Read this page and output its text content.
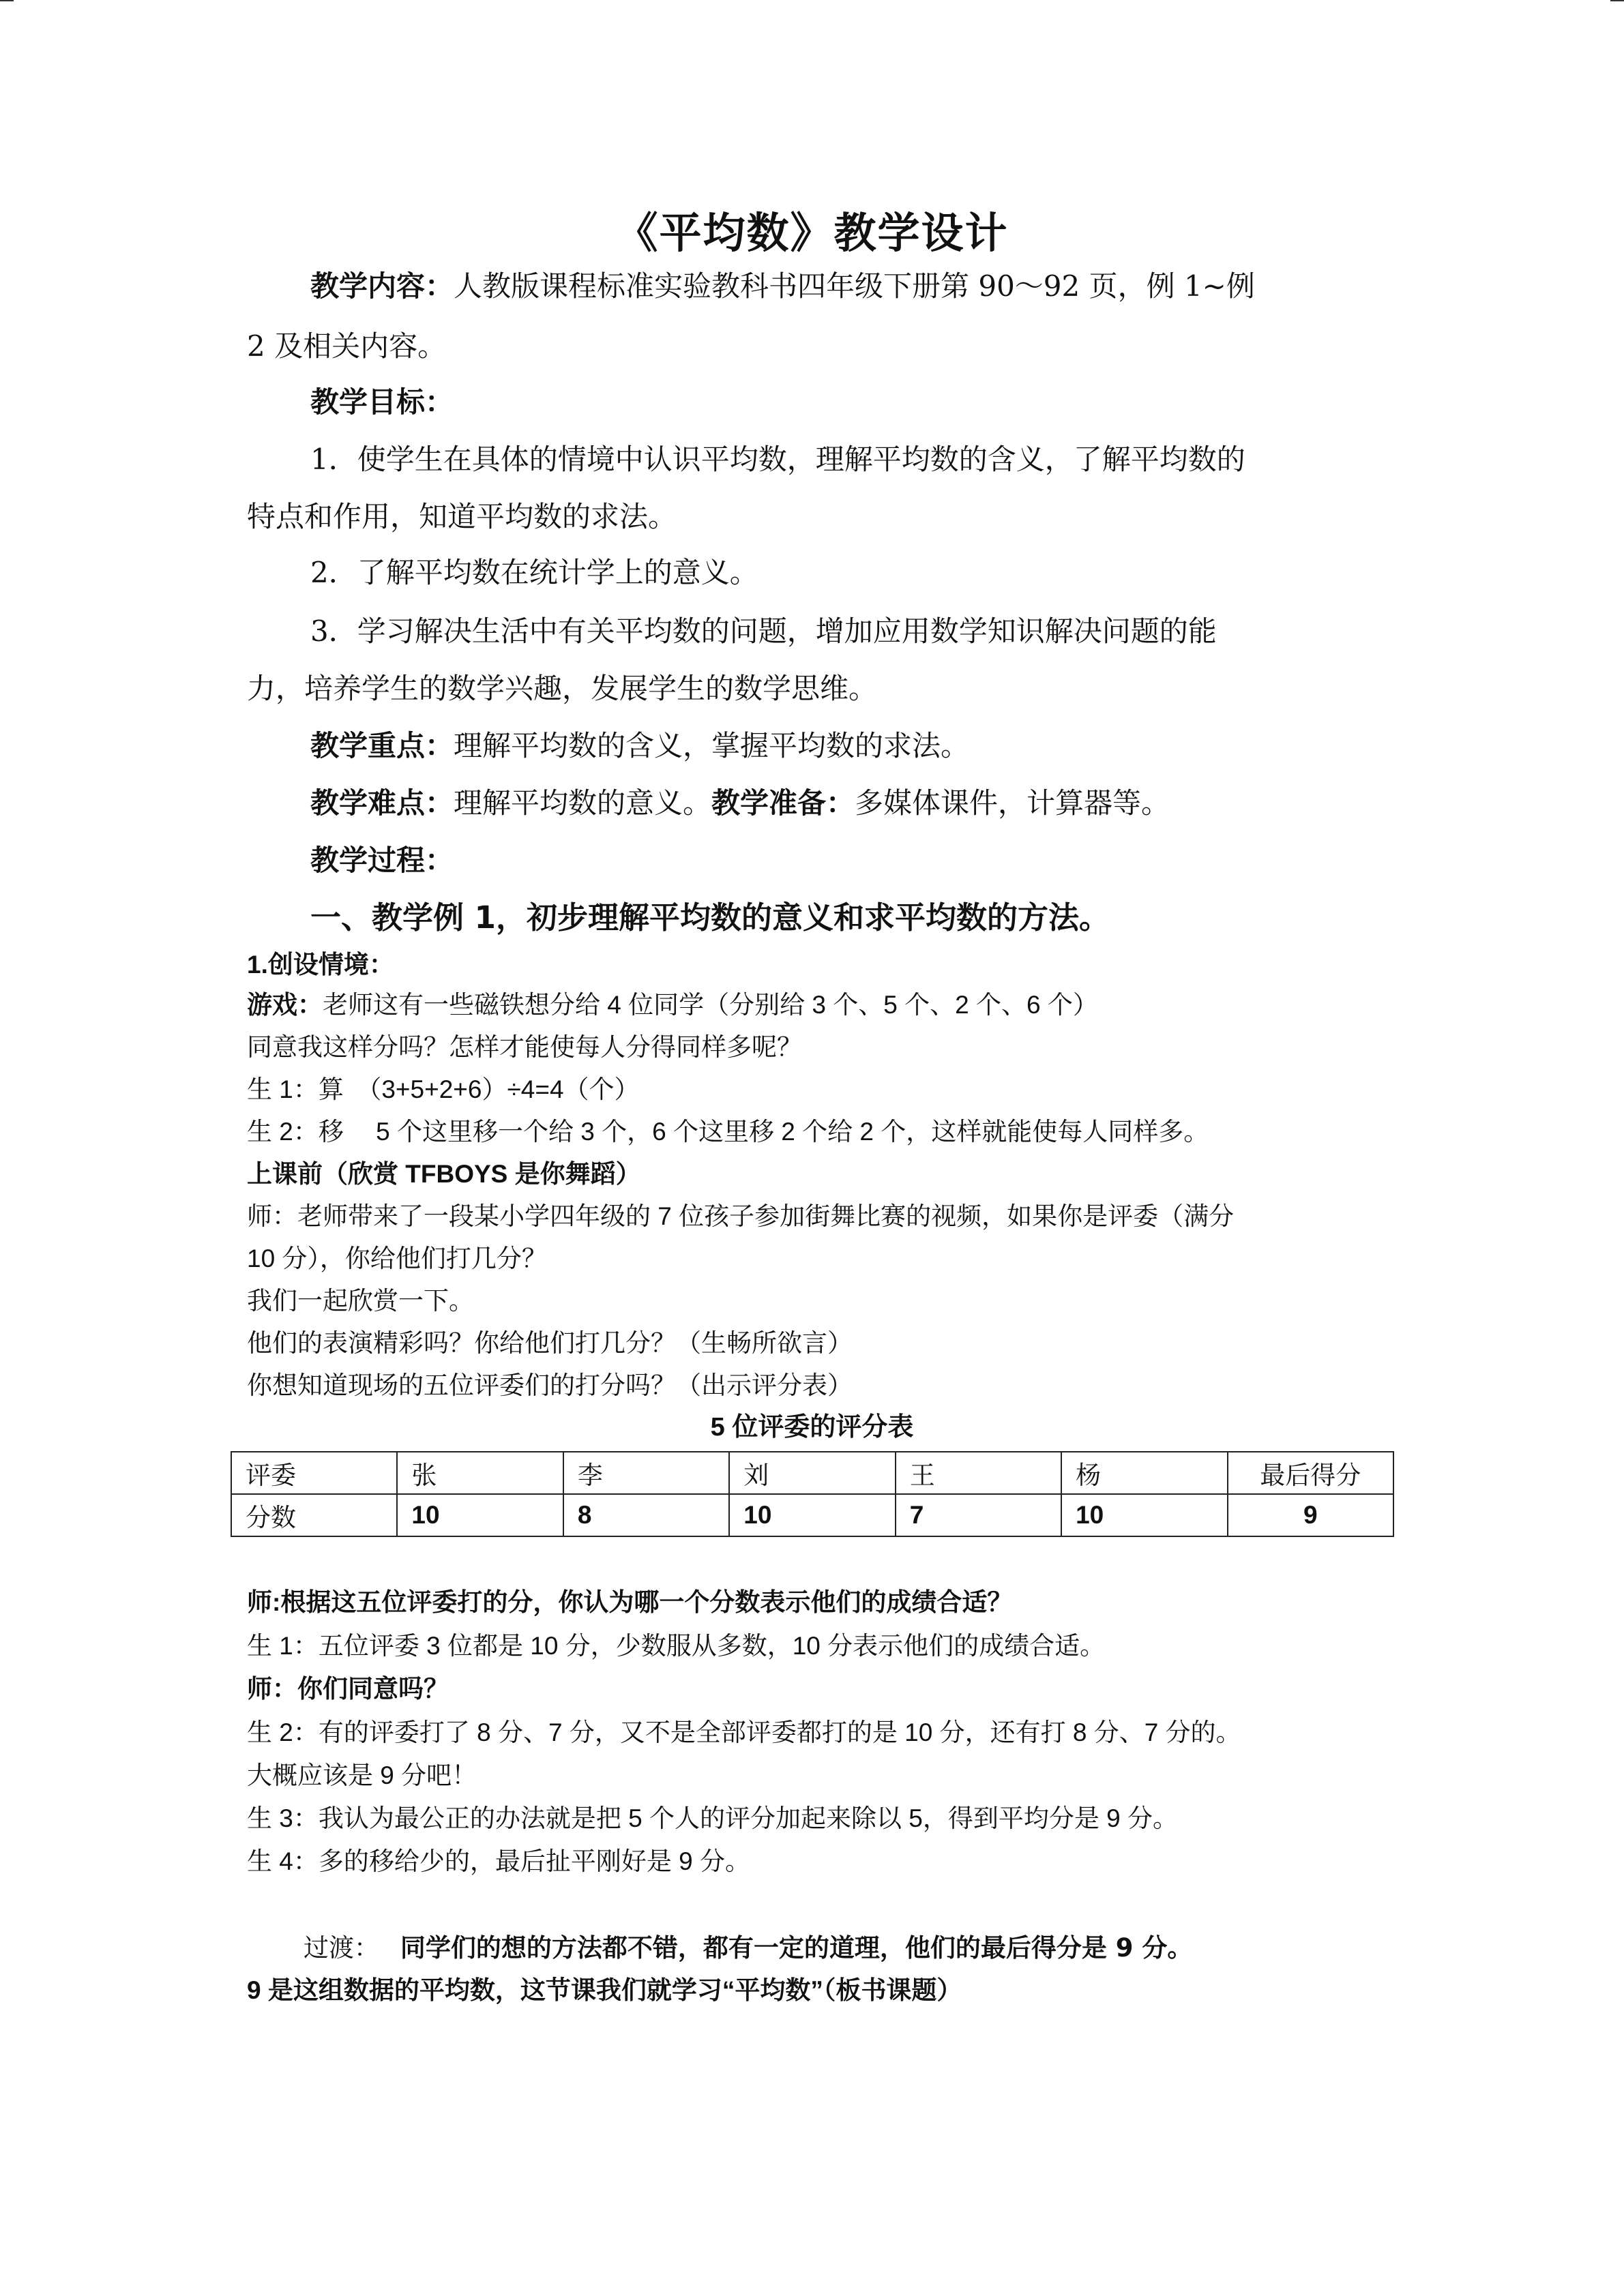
《平均数》教学设计
教学内容：人教版课程标准实验教科书四年级下册第 90～92 页，例 1~例
2 及相关内容。
教学目标：
1．使学生在具体的情境中认识平均数，理解平均数的含义，了解平均数的
特点和作用，知道平均数的求法。
2．了解平均数在统计学上的意义。
3．学习解决生活中有关平均数的问题，增加应用数学知识解决问题的能
力，培养学生的数学兴趣，发展学生的数学思维。
教学重点：理解平均数的含义，掌握平均数的求法。
教学难点：理解平均数的意义。教学准备：多媒体课件，计算器等。
教学过程：
一、教学例 1，初步理解平均数的意义和求平均数的方法。
1.创设情境：
游戏：老师这有一些磁铁想分给 4 位同学（分别给 3 个、5 个、2 个、6 个）
同意我这样分吗？怎样才能使每人分得同样多呢？
生 1：算　（3+5+2+6）÷4=4（个）
生 2：移　 5 个这里移一个给 3 个，6 个这里移 2 个给 2 个，这样就能使每人同样多。
上课前（欣赏 TFBOYS 是你舞蹈）
师：老师带来了一段某小学四年级的 7 位孩子参加街舞比赛的视频，如果你是评委（满分
10 分），你给他们打几分？
我们一起欣赏一下。
他们的表演精彩吗？你给他们打几分？（生畅所欲言）
你想知道现场的五位评委们的打分吗？（出示评分表）
5 位评委的评分表
评委	张	李	刘	王	杨	最后得分
分数	10	8	10	7	10	9
师:根据这五位评委打的分，你认为哪一个分数表示他们的成绩合适？
生 1：五位评委 3 位都是 10 分，少数服从多数，10 分表示他们的成绩合适。
师：你们同意吗？
生 2：有的评委打了 8 分、7 分，又不是全部评委都打的是 10 分，还有打 8 分、7 分的。
大概应该是 9 分吧！
生 3：我认为最公正的办法就是把 5 个人的评分加起来除以 5，得到平均分是 9 分。
生 4：多的移给少的，最后扯平刚好是 9 分。
过渡： 同学们的想的方法都不错，都有一定的道理，他们的最后得分是 9 分。
9 是这组数据的平均数，这节课我们就学习“平均数”（板书课题）
